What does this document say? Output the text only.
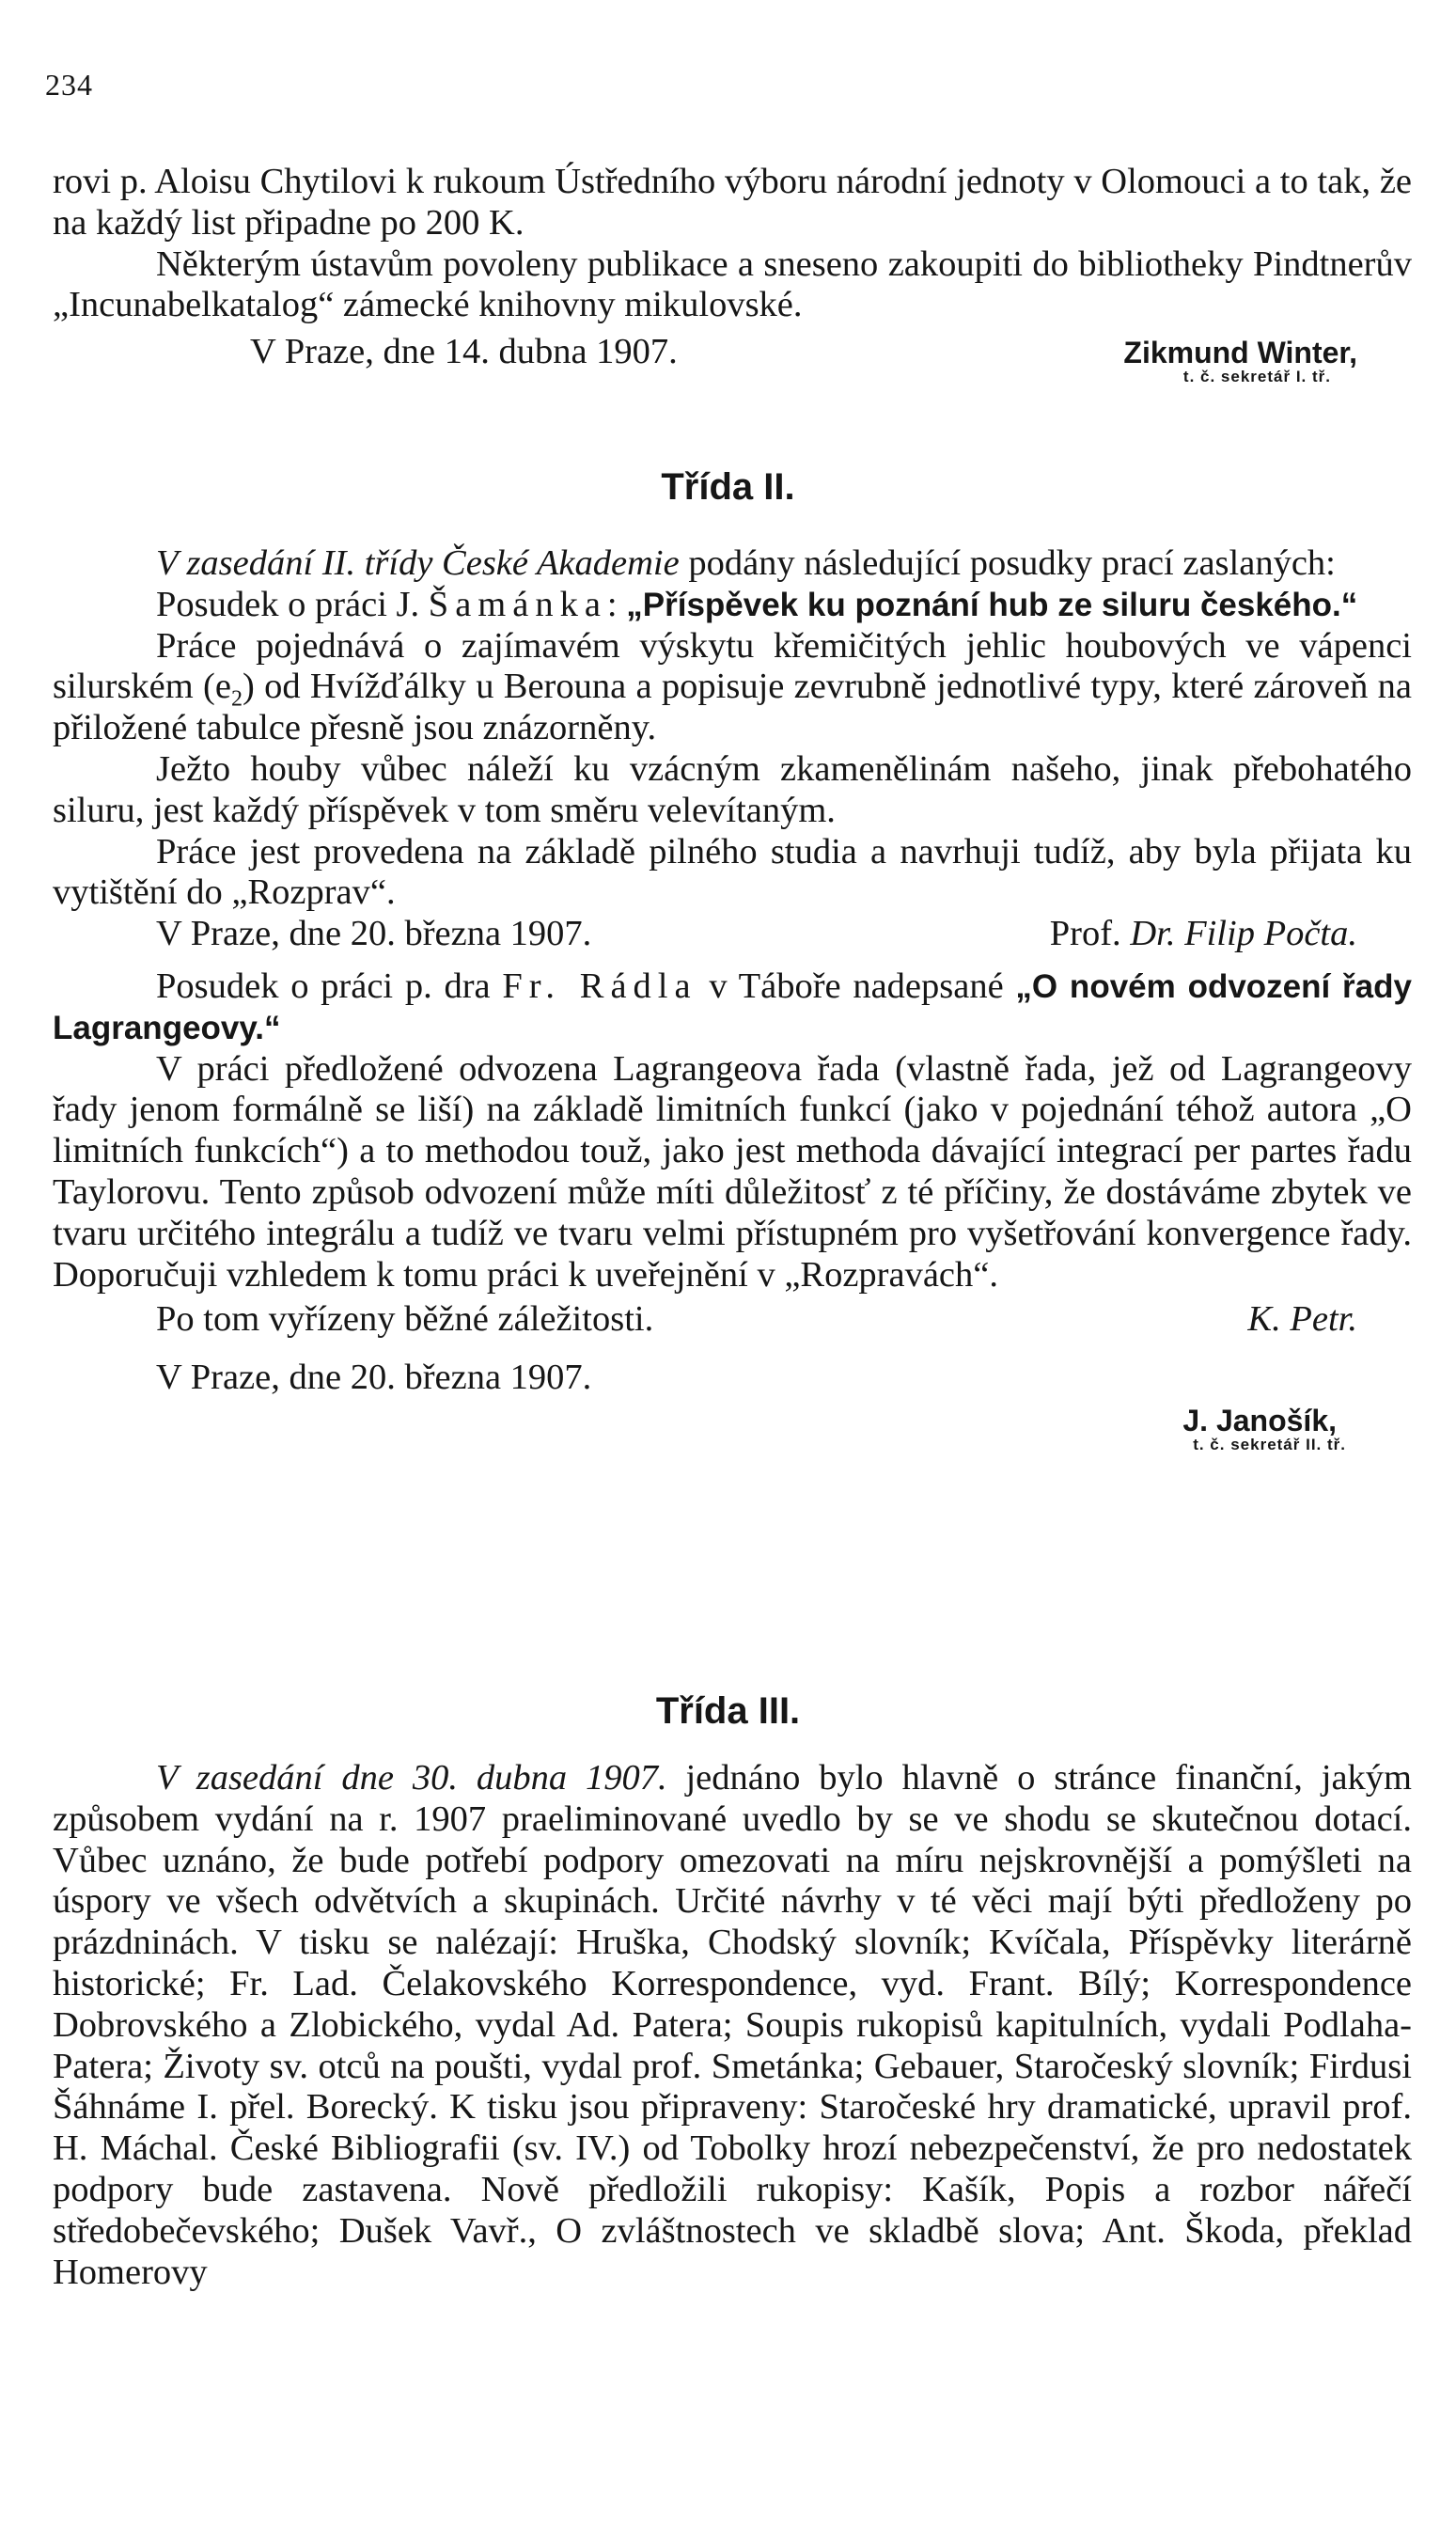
234

rovi p. Aloisu Chytilovi k rukoum Ústředního výboru národní jednoty v Olomouci a to tak, že na každý list připadne po 200 K.

Některým ústavům povoleny publikace a sneseno zakoupiti do bibliotheky Pindtnerův „Incunabelkatalog“ zámecké knihovny mikulovské.

V Praze, dne 14. dubna 1907.	Zikmund Winter,
t. č. sekretář I. tř.
Třída II.

V zasedání II. třídy České Akademie podány následující posudky prací zaslaných:

Posudek o práci J. Šamánka: „Příspěvek ku poznání hub ze siluru českého.“

Práce pojednává o zajímavém výskytu křemičitých jehlic houbových ve vápenci silurském $(e_2)$ od Hvížďálky u Berouna a popisuje zevrubně jednotlivé typy, které zároveň na přiložené tabulce přesně jsou znázorněny.

Ježto houby vůbec náleží ku vzácným zkamenělinám našeho, jinak přebohatého siluru, jest každý příspěvek v tom směru velevítaným.

Práce jest provedena na základě pilného studia a navrhuji tudíž, aby byla přijata ku vytištění do „Rozprav“.

V Praze, dne 20. března 1907.	Prof. Dr. Filip Počta.

Posudek o práci p. dra Fr. Rádla v Táboře nadepsané „O novém odvození řady Lagrangeovy.“

V práci předložené odvozena Lagrangeova řada (vlastně řada, jež od Lagrangeovy řady jenom formálně se liší) na základě limitních funkcí (jako v pojednání téhož autora „O limitních funkcích“) a to methodou touž, jako jest methoda dávající integrací per partes řadu Taylorovu. Tento způsob odvození může míti důležitosť z té příčiny, že dostáváme zbytek ve tvaru určitého integrálu a tudíž ve tvaru velmi přístupném pro vyšetřování konvergence řady. Doporučuji vzhledem k tomu práci k uveřejnění v „Rozpravách“.

Po tom vyřízeny běžné záležitosti.	K. Petr.
V Praze, dne 20. března 1907.
J. Janošík,
t. č. sekretář II. tř.
Třída III.

V zasedání dne 30. dubna 1907. jednáno bylo hlavně o stránce finanční, jakým způsobem vydání na r. 1907 praeliminované uvedlo by se ve shodu se skutečnou dotací. Vůbec uznáno, že bude potřebí podpory omezovati na míru nejskrovnější a pomýšleti na úspory ve všech odvětvích a skupinách. Určité návrhy v té věci mají býti předloženy po prázdninách. V tisku se nalézají: Hruška, Chodský slovník; Kvíčala, Příspěvky literárně historické; Fr. Lad. Čelakovského Korrespondence, vyd. Frant. Bílý; Korrespondence Dobrovského a Zlobického, vydal Ad. Patera; Soupis rukopisů kapitulních, vydali Podlaha-Patera; Životy sv. otců na poušti, vydal prof. Smetánka; Gebauer, Staročeský slovník; Firdusi Šáhnáme I. přel. Borecký. K tisku jsou připraveny: Staročeské hry dramatické, upravil prof. H. Máchal. České Bibliografii (sv. IV.) od Tobolky hrozí nebezpečenství, že pro nedostatek podpory bude zastavena. Nově předložili rukopisy: Kašík, Popis a rozbor nářečí středobečevského; Dušek Vavř., O zvláštnostech ve skladbě slova; Ant. Škoda, překlad Homerovy
